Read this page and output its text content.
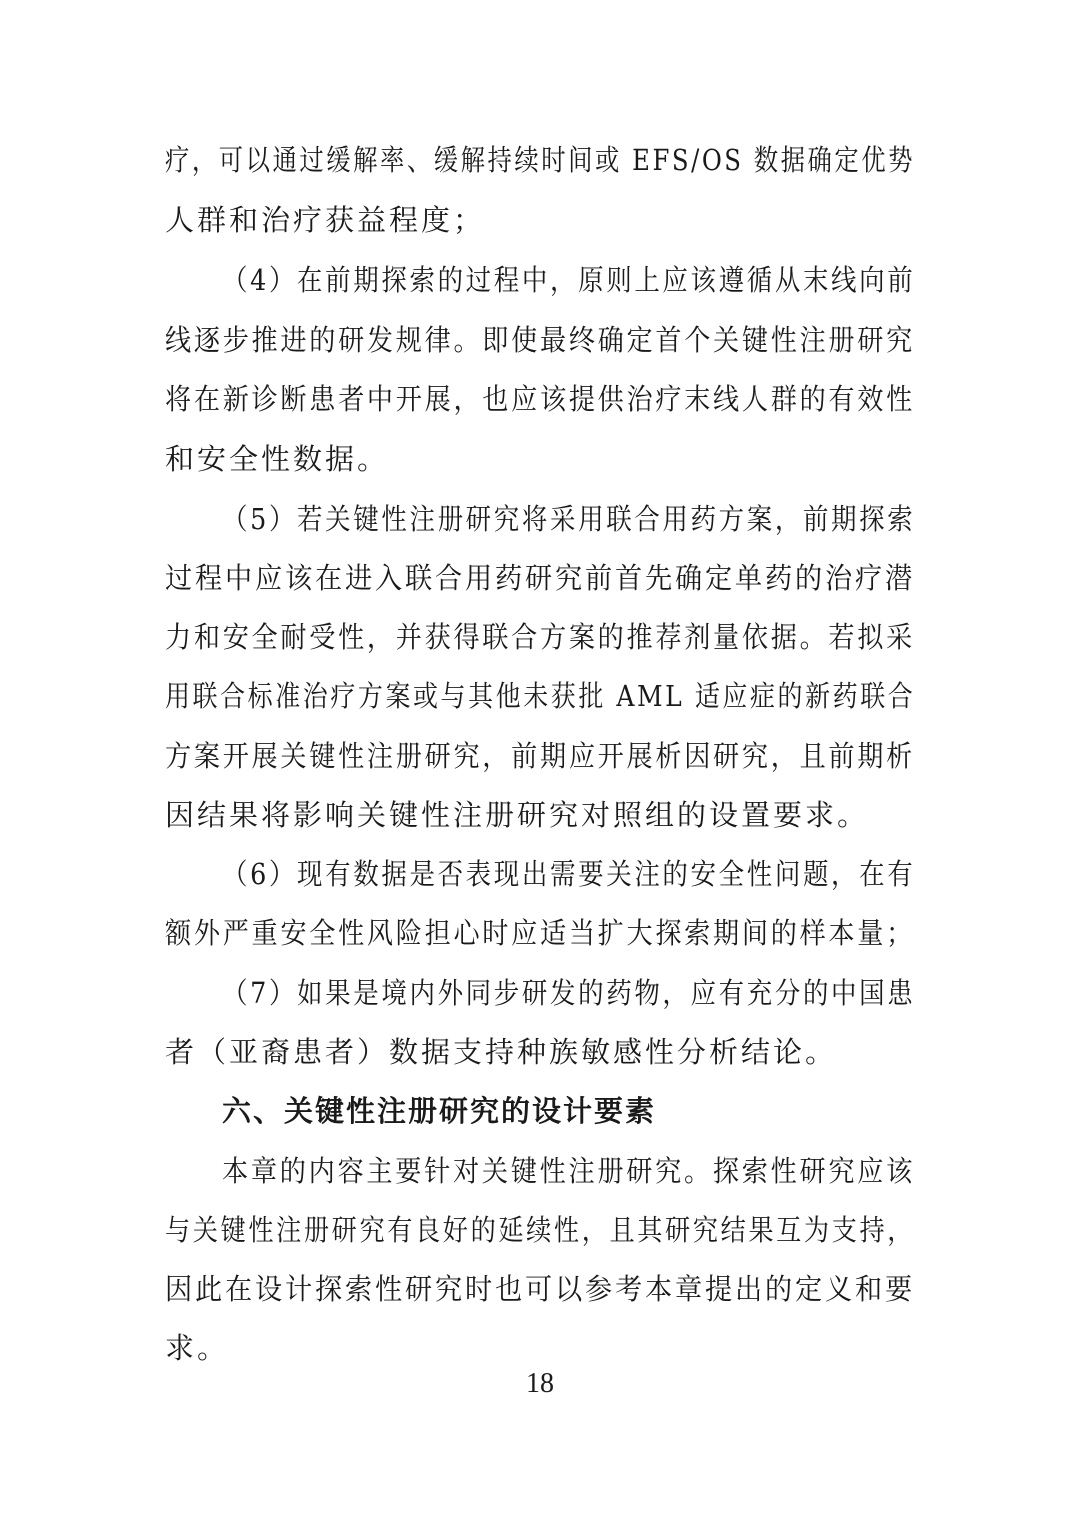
疗，可以通过缓解率、缓解持续时间或 EFS/OS 数据确定优势
人群和治疗获益程度；
（4）在前期探索的过程中，原则上应该遵循从末线向前
线逐步推进的研发规律。即使最终确定首个关键性注册研究
将在新诊断患者中开展，也应该提供治疗末线人群的有效性
和安全性数据。
（5）若关键性注册研究将采用联合用药方案，前期探索
过程中应该在进入联合用药研究前首先确定单药的治疗潜
力和安全耐受性，并获得联合方案的推荐剂量依据。若拟采
用联合标准治疗方案或与其他未获批 AML 适应症的新药联合
方案开展关键性注册研究，前期应开展析因研究，且前期析
因结果将影响关键性注册研究对照组的设置要求。
（6）现有数据是否表现出需要关注的安全性问题，在有
额外严重安全性风险担心时应适当扩大探索期间的样本量；
（7）如果是境内外同步研发的药物，应有充分的中国患
者（亚裔患者）数据支持种族敏感性分析结论。
六、关键性注册研究的设计要素
本章的内容主要针对关键性注册研究。探索性研究应该
与关键性注册研究有良好的延续性，且其研究结果互为支持，
因此在设计探索性研究时也可以参考本章提出的定义和要
求。
18
